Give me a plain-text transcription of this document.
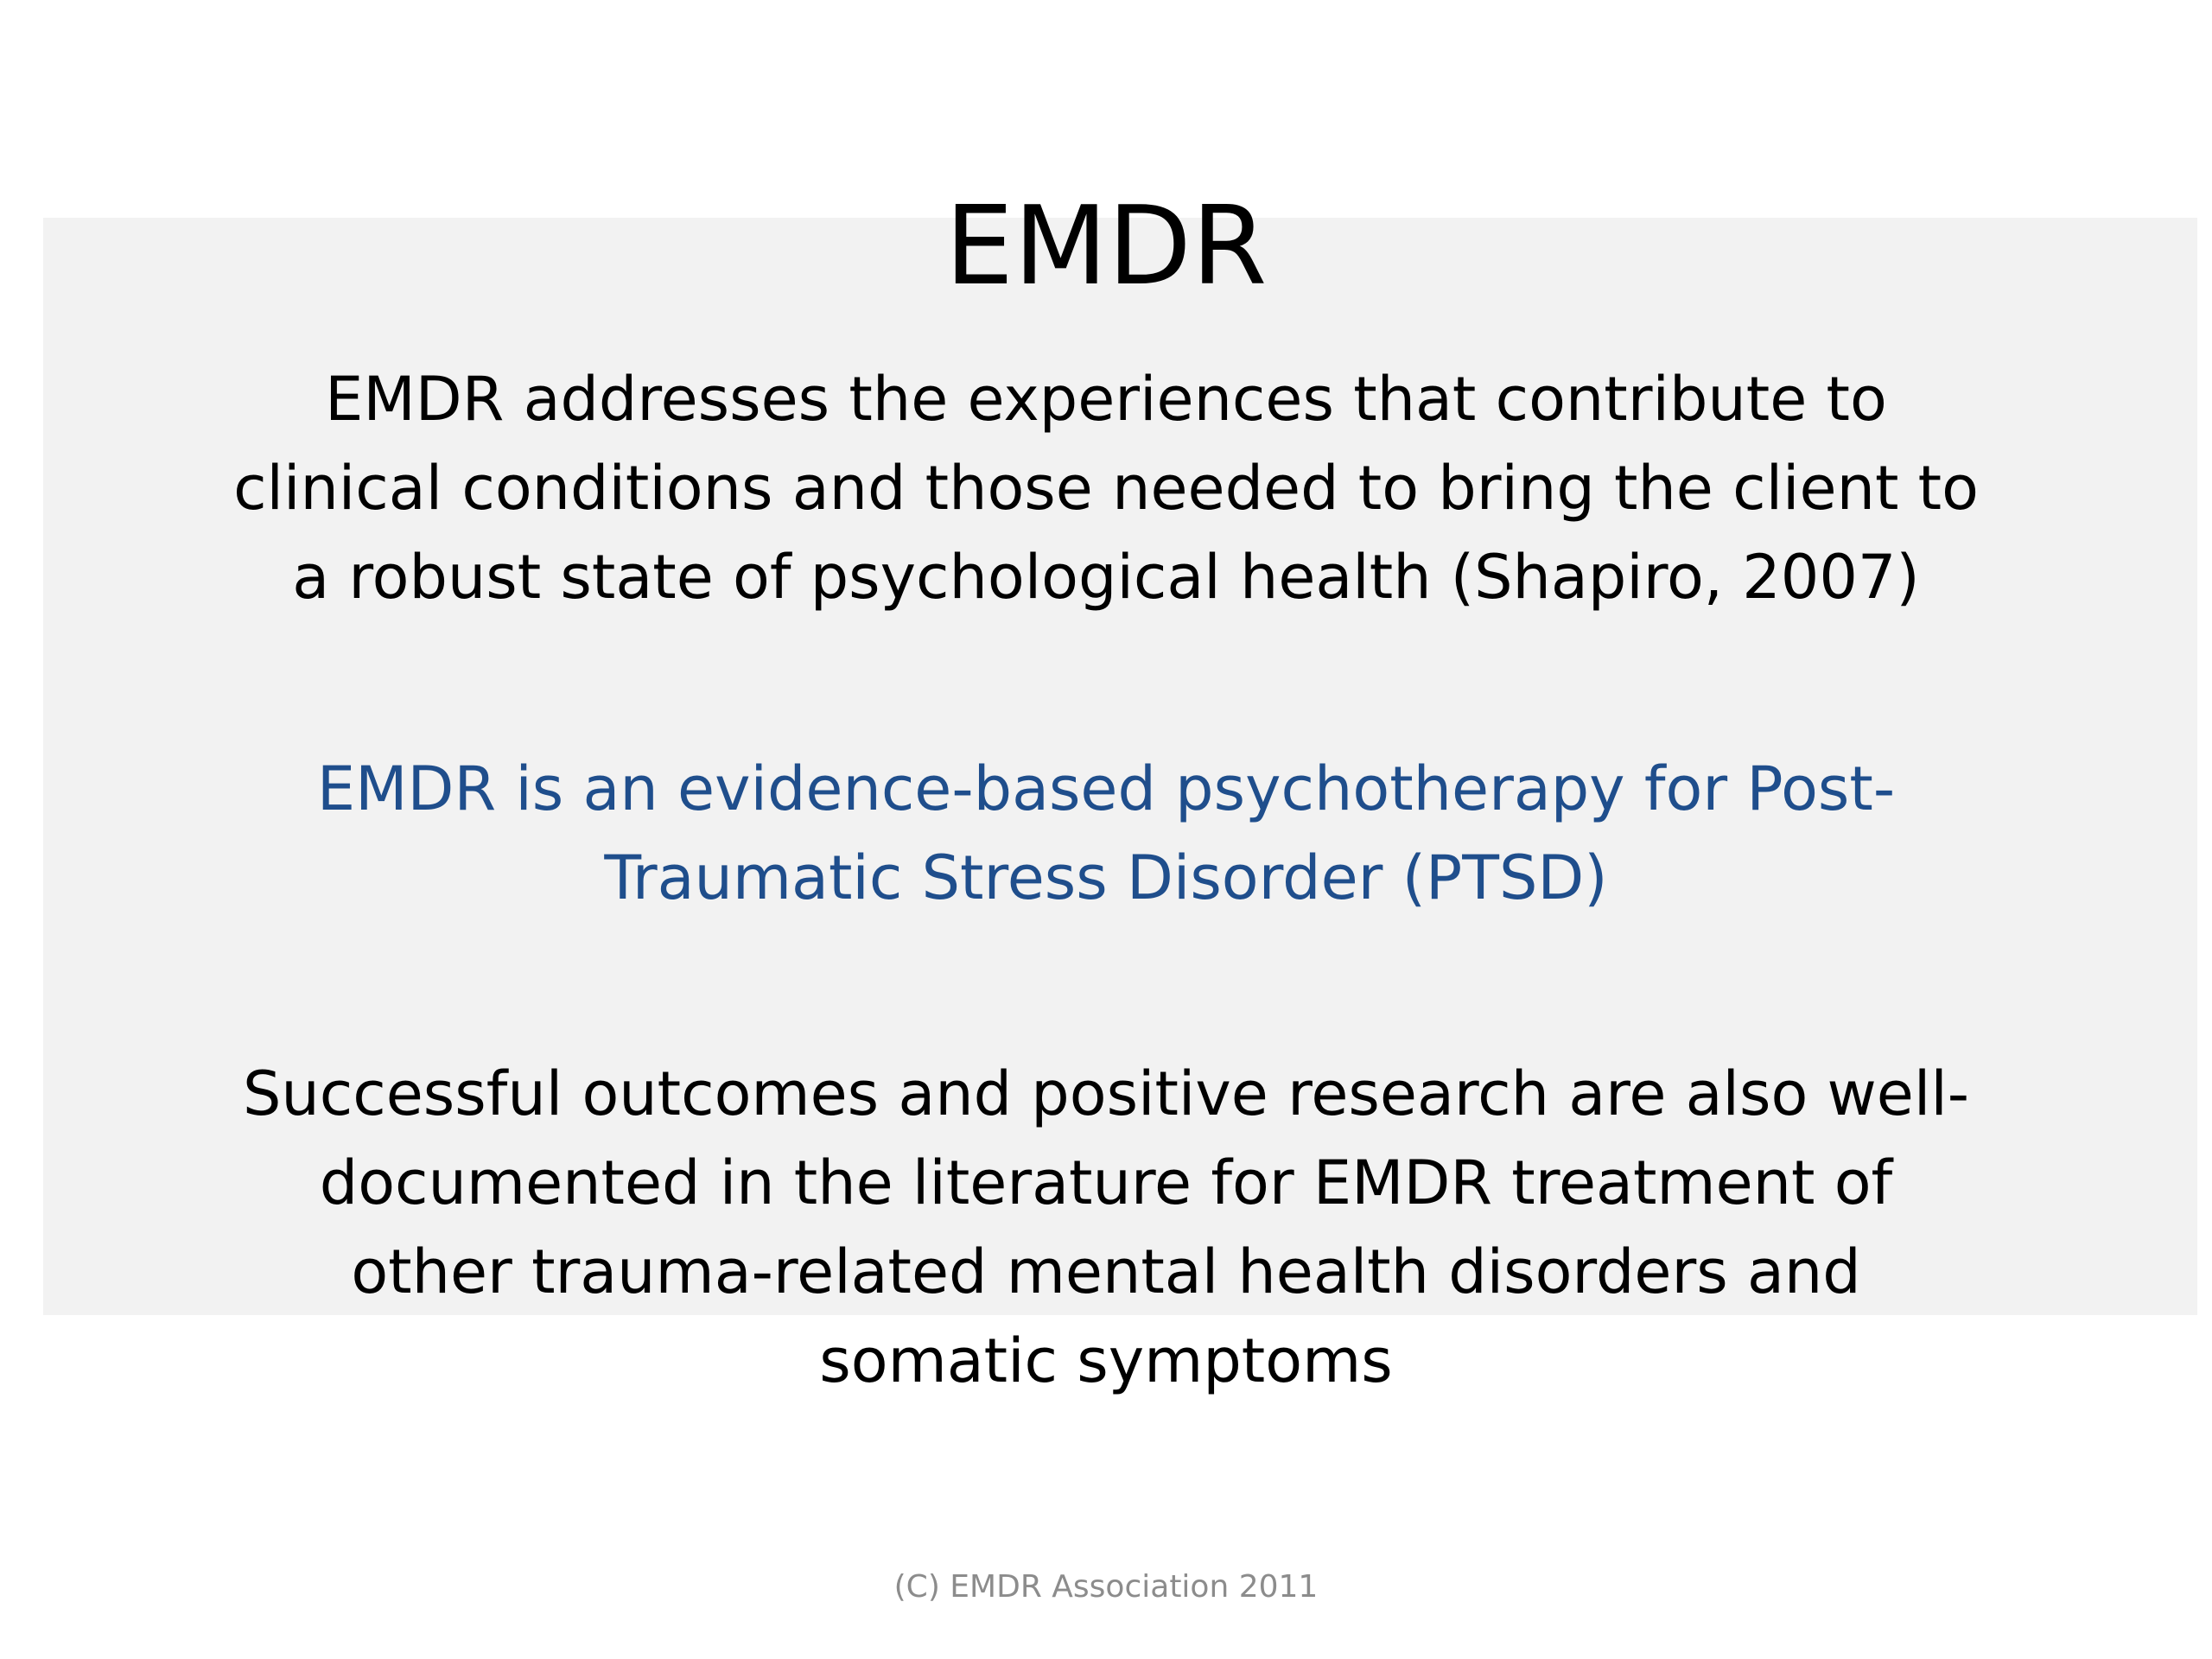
EMDR

EMDR addresses the experiences that contribute to
clinical conditions and those needed to bring the client to
a robust state of psychological health (Shapiro, 2007)

EMDR is an evidence-based psychotherapy for Post-
Traumatic Stress Disorder (PTSD)

Successful outcomes and positive research are also well-
documented in the literature for EMDR treatment of
other trauma-related mental health disorders and
somatic symptoms

(C) EMDR Association 2011
